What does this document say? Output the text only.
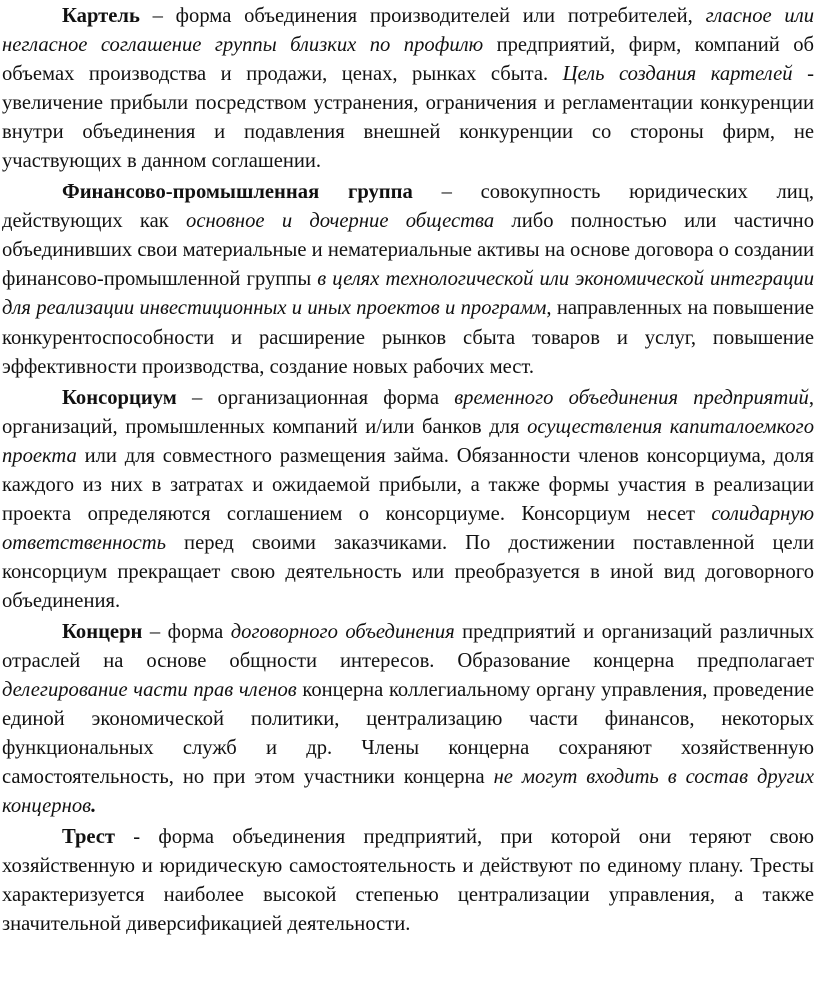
Картель – форма объединения производителей или потребителей, гласное или негласное соглашение группы близких по профилю предприятий, фирм, компаний об объемах производства и продажи, ценах, рынках сбыта. Цель создания картелей - увеличение прибыли посредством устранения, ограничения и регламентации конкуренции внутри объединения и подавления внешней конкуренции со стороны фирм, не участвующих в данном соглашении.

Финансово-промышленная группа – совокупность юридических лиц, действующих как основное и дочерние общества либо полностью или частично объединивших свои материальные и нематериальные активы на основе договора о создании финансово-промышленной группы в целях технологической или экономической интеграции для реализации инвестиционных и иных проектов и программ, направленных на повышение конкурентоспособности и расширение рынков сбыта товаров и услуг, повышение эффективности производства, создание новых рабочих мест.

Консорциум – организационная форма временного объединения предприятий, организаций, промышленных компаний и/или банков для осуществления капиталоемкого проекта или для совместного размещения займа. Обязанности членов консорциума, доля каждого из них в затратах и ожидаемой прибыли, а также формы участия в реализации проекта определяются соглашением о консорциуме. Консорциум несет солидарную ответственность перед своими заказчиками. По достижении поставленной цели консорциум прекращает свою деятельность или преобразуется в иной вид договорного объединения.

Концерн – форма договорного объединения предприятий и организаций различных отраслей на основе общности интересов. Образование концерна предполагает делегирование части прав членов концерна коллегиальному органу управления, проведение единой экономической политики, централизацию части финансов, некоторых функциональных служб и др. Члены концерна сохраняют хозяйственную самостоятельность, но при этом участники концерна не могут входить в состав других концернов.

Трест - форма объединения предприятий, при которой они теряют свою хозяйственную и юридическую самостоятельность и действуют по единому плану. Тресты характеризуется наиболее высокой степенью централизации управления, а также значительной диверсификацией деятельности.
